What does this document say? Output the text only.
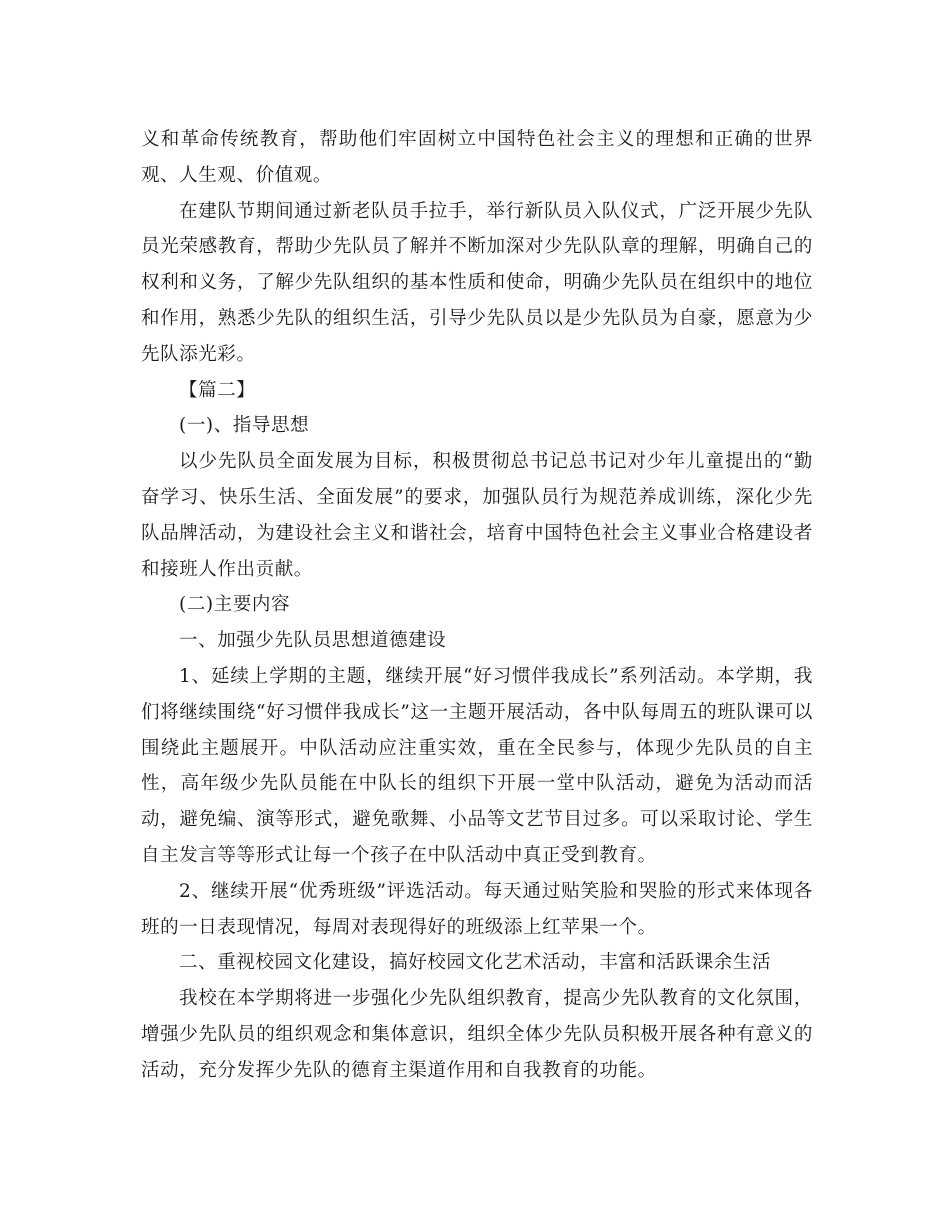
义和革命传统教育，帮助他们牢固树立中国特色社会主义的理想和正确的世界观、人生观、价值观。

在建队节期间通过新老队员手拉手，举行新队员入队仪式，广泛开展少先队员光荣感教育，帮助少先队员了解并不断加深对少先队队章的理解，明确自己的权利和义务，了解少先队组织的基本性质和使命，明确少先队员在组织中的地位和作用，熟悉少先队的组织生活，引导少先队员以是少先队员为自豪，愿意为少先队添光彩。

【篇二】

(一)、指导思想

以少先队员全面发展为目标，积极贯彻总书记总书记对少年儿童提出的“勤奋学习、快乐生活、全面发展”的要求，加强队员行为规范养成训练，深化少先队品牌活动，为建设社会主义和谐社会，培育中国特色社会主义事业合格建设者和接班人作出贡献。

(二)主要内容

一、加强少先队员思想道德建设

1、延续上学期的主题，继续开展“好习惯伴我成长”系列活动。本学期，我们将继续围绕“好习惯伴我成长”这一主题开展活动，各中队每周五的班队课可以围绕此主题展开。中队活动应注重实效，重在全民参与，体现少先队员的自主性，高年级少先队员能在中队长的组织下开展一堂中队活动，避免为活动而活动，避免编、演等形式，避免歌舞、小品等文艺节目过多。可以采取讨论、学生自主发言等等形式让每一个孩子在中队活动中真正受到教育。

2、继续开展“优秀班级”评选活动。每天通过贴笑脸和哭脸的形式来体现各班的一日表现情况，每周对表现得好的班级添上红苹果一个。

二、重视校园文化建设，搞好校园文化艺术活动，丰富和活跃课余生活

我校在本学期将进一步强化少先队组织教育，提高少先队教育的文化氛围，增强少先队员的组织观念和集体意识，组织全体少先队员积极开展各种有意义的活动，充分发挥少先队的德育主渠道作用和自我教育的功能。
